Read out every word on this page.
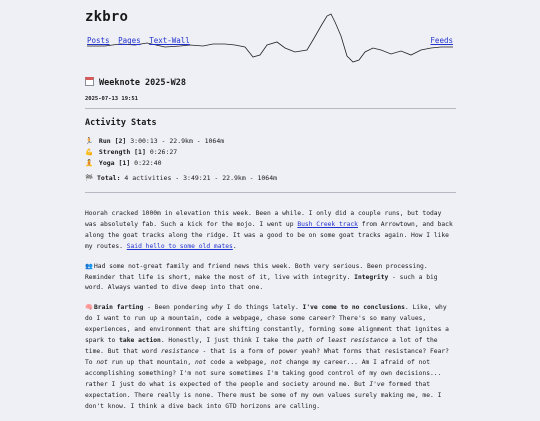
zkbro
Posts Pages Text-Wall	Feeds
Weeknote 2025-W28
2025-07-13 19:51
Activity Stats
🏃 Run [2] 3:00:13 - 22.9km - 1064m
💪 Strength [1] 0:26:27
🧘 Yoga [1] 0:22:40
🏁 Total: 4 activities - 3:49:21 - 22.9km - 1064m

Hoorah cracked 1000m in elevation this week. Been a while. I only did a couple runs, but today was absolutely fab. Such a kick for the mojo. I went up Bush Creek track from Arrowtown, and back along the goat tracks along the ridge. It was a good to be on some goat tracks again. How I like my routes. Said hello to some old mates.

👥Had some not-great family and friend news this week. Both very serious. Been processing. Reminder that life is short, make the most of it, live with integrity. Integrity - such a big word. Always wanted to dive deep into that one.

🧠Brain farting - Been pondering why I do things lately. I've come to no conclusions. Like, why do I want to run up a mountain, code a webpage, chase some career? There's so many values, experiences, and environment that are shifting constantly, forming some alignment that ignites a spark to take action. Honestly, I just think I take the path of least resistance a lot of the time. But that word resistance - that is a form of power yeah? What forms that resistance? Fear? To not run up that mountain, not code a webpage, not change my career... Am I afraid of not accomplishing something? I'm not sure sometimes I'm taking good control of my own decisions... rather I just do what is expected of the people and society around me. But I've formed that expectation. There really is none. There must be some of my own values surely making me, me. I don't know. I think a dive back into GTD horizons are calling.
